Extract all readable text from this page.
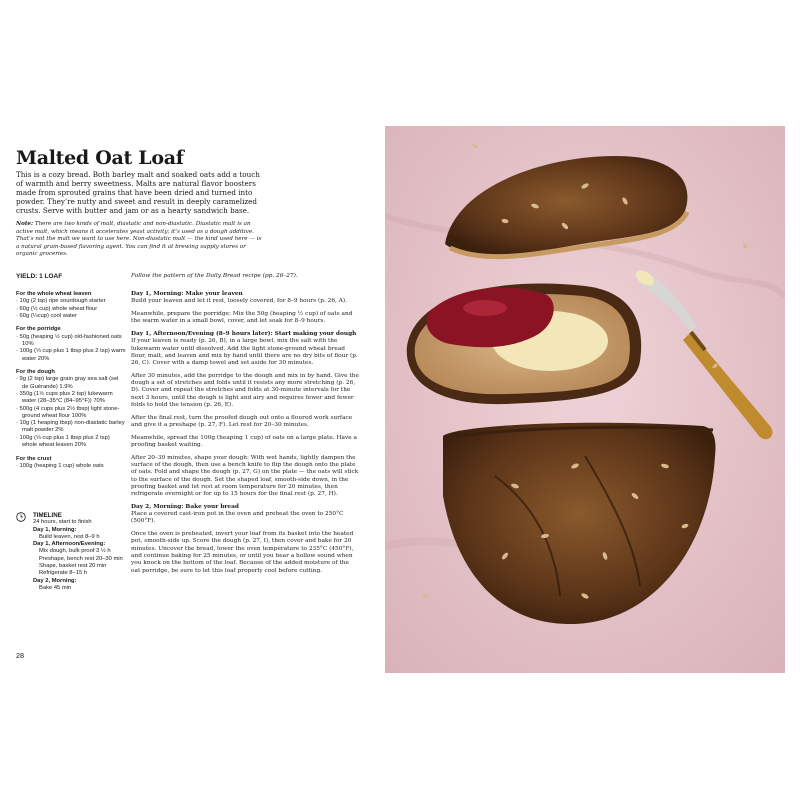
Malted Oat Loaf
This is a cozy bread. Both barley malt and soaked oats add a touch of warmth and berry sweetness. Malts are natural flavor boosters made from sprouted grains that have been dried and turned into powder. They’re nutty and sweet and result in deeply caramelized crusts. Serve with butter and jam or as a hearty sandwich base.
Note: There are two kinds of malt, diastatic and non-diastatic. Diastatic malt is an active malt, which means it accelerates yeast activity; it’s used as a dough additive. That’s not the malt we want to use here. Non-diastatic malt — the kind used here — is a natural grain-based flavoring agent. You can find it at brewing supply stores or organic groceries.
YIELD: 1 LOAF	Follow the pattern of the Daily Bread recipe (pp. 26–27).
For the whole wheat leaven
· 10g (2 tsp) ripe sourdough starter
· 60g (½ cup) whole wheat flour
· 60g (¼cup) cool water
For the porridge
· 50g (heaping ½ cup) old-fashioned oats 10%
· 100g (⅓ cup plus 1 tbsp plus 2 tsp) warm water 20%
For the dough
· 9g (2 tsp) large grain gray sea salt (sel de Guérande) 1.9%
· 350g (1½ cups plus 2 tsp) lukewarm water (28–35°C (84–95°F)) 70%
· 500g (4 cups plus 2½ tbsp) light stone-ground wheat flour 100%
· 10g (1 heaping tbsp) non-diastatic barley malt powder 2%
· 100g (⅓ cup plus 1 tbsp plus 2 tsp) whole wheat leaven 20%
For the crust
· 100g (heaping 1 cup) whole oats
TIMELINE
24 hours, start to finish
Day 1, Morning:
Build leaven, rest 8–9 h
Day 1, Afternoon/Evening:
Mix dough, bulk proof 3 ½ h
Preshape, bench rest 20–30 min
Shape, basket rest 20 min
Refrigerate 8–15 h
Day 2, Morning:
Bake 45 min
Day 1, Morning: Make your leaven
Build your leaven and let it rest, loosely covered, for 8–9 hours (p. 26, A).
Meanwhile, prepare the porridge: Mix the 50g (heaping ½ cup) of oats and the warm water in a small bowl, cover, and let soak for 8–9 hours.
Day 1, Afternoon/Evening (8–9 hours later): Start making your dough
If your leaven is ready (p. 26, B), in a large bowl, mix the salt with the lukewarm water until dissolved. Add the light stone-ground wheat bread flour, malt, and leaven and mix by hand until there are no dry bits of flour (p. 26, C). Cover with a damp towel and set aside for 30 minutes.
After 30 minutes, add the porridge to the dough and mix in by hand. Give the dough a set of stretches and folds until it resists any more stretching (p. 26, D). Cover and repeat the stretches and folds at 30-minute intervals for the next 3 hours, until the dough is light and airy and requires fewer and fewer folds to hold the tension (p. 26, E).
After the final rest, turn the proofed dough out onto a floured work surface and give it a preshape (p. 27, F). Let rest for 20–30 minutes.
Meanwhile, spread the 100g (heaping 1 cup) of oats on a large plate. Have a proofing basket waiting.
After 20–30 minutes, shape your dough: With wet hands, lightly dampen the surface of the dough, then use a bench knife to flip the dough onto the plate of oats. Fold and shape the dough (p. 27, G) on the plate — the oats will stick to the surface of the dough. Set the shaped loaf, smooth-side down, in the proofing basket and let rest at room temperature for 20 minutes, then refrigerate overnight or for up to 15 hours for the final rest (p. 27, H).
Day 2, Morning: Bake your bread
Place a covered cast-iron pot in the oven and preheat the oven to 250°C (500°F).
Once the oven is preheated, invert your loaf from its basket into the heated pot, smooth-side up. Score the dough (p. 27, I), then cover and bake for 20 minutes. Uncover the bread, lower the oven temperature to 235°C (450°F), and continue baking for 25 minutes, or until you hear a hollow sound when you knock on the bottom of the loaf. Because of the added moisture of the oat porridge, be sure to let this loaf properly cool before cutting.
28
